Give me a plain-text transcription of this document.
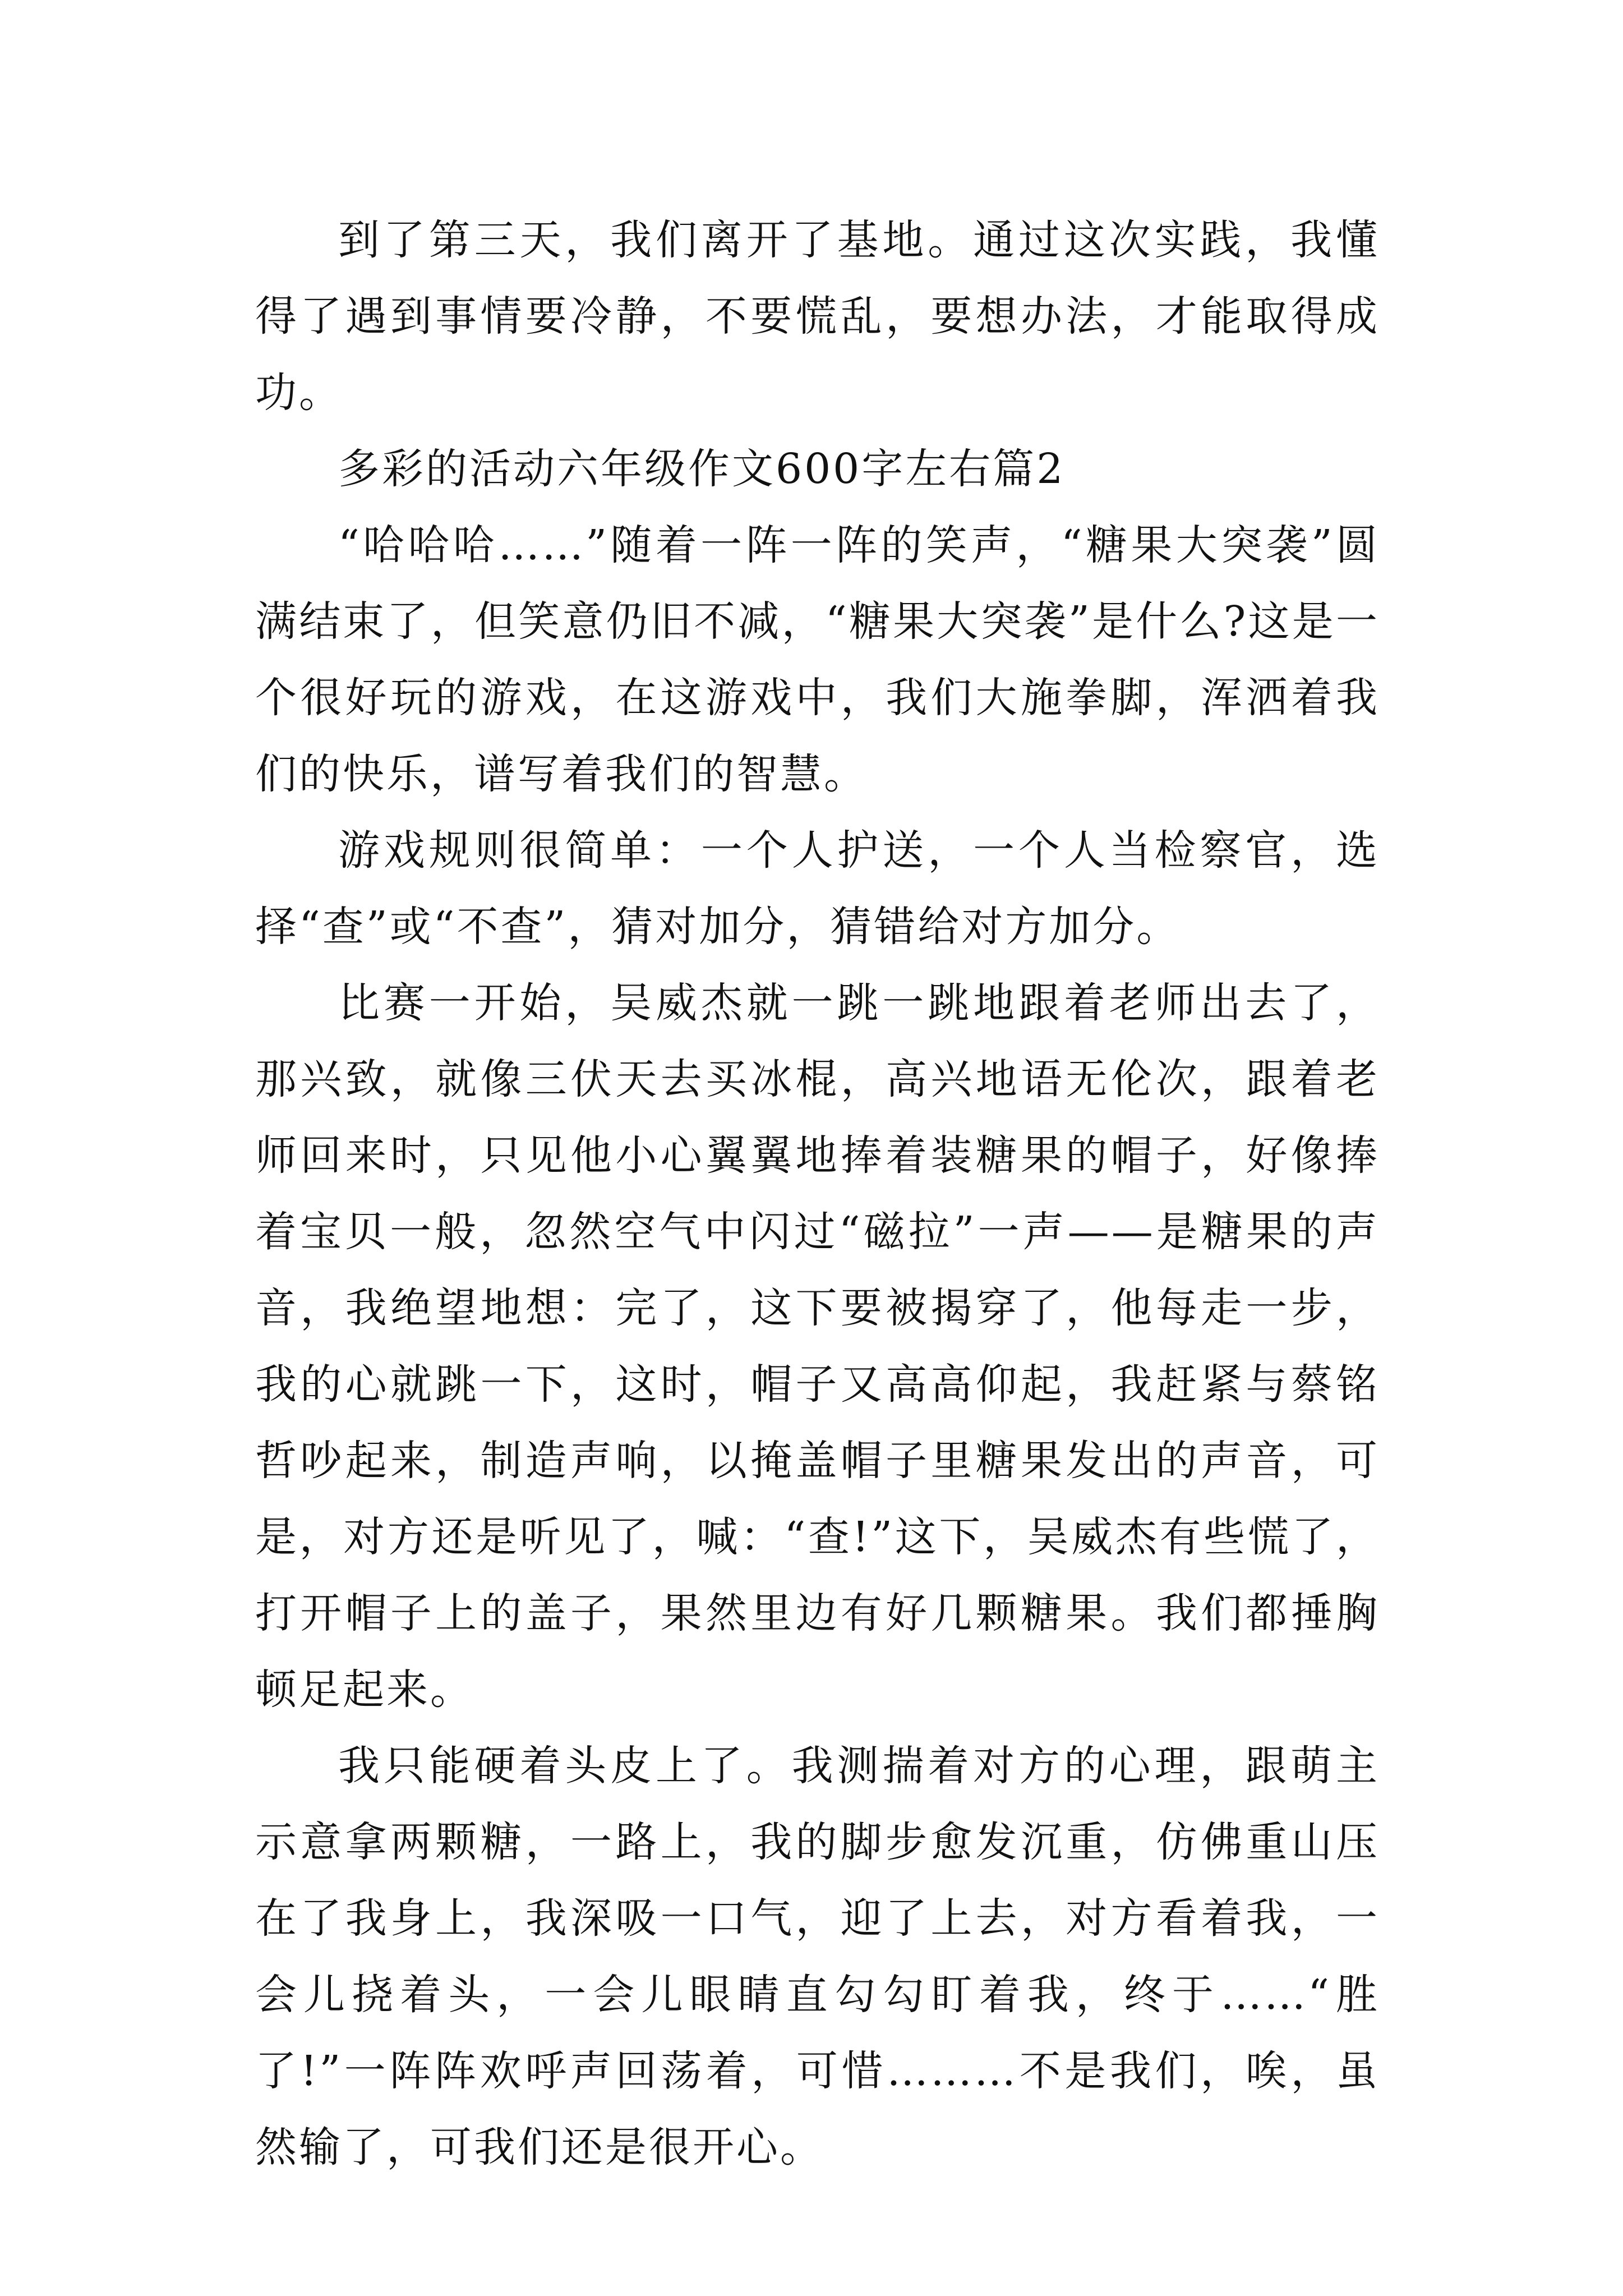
到了第三天，我们离开了基地。通过这次实践，我懂得了遇到事情要冷静，不要慌乱，要想办法，才能取得成功。

多彩的活动六年级作文600字左右篇2

“哈哈哈……”随着一阵一阵的笑声，“糖果大突袭”圆满结束了，但笑意仍旧不减，“糖果大突袭”是什么?这是一个很好玩的游戏，在这游戏中，我们大施拳脚，浑洒着我们的快乐，谱写着我们的智慧。

游戏规则很简单：一个人护送，一个人当检察官，选择“查”或“不查”，猜对加分，猜错给对方加分。

比赛一开始，吴威杰就一跳一跳地跟着老师出去了，那兴致，就像三伏天去买冰棍，高兴地语无伦次，跟着老师回来时，只见他小心翼翼地捧着装糖果的帽子，好像捧着宝贝一般，忽然空气中闪过“磁拉”一声——是糖果的声音，我绝望地想：完了，这下要被揭穿了，他每走一步，我的心就跳一下，这时，帽子又高高仰起，我赶紧与蔡铭哲吵起来，制造声响，以掩盖帽子里糖果发出的声音，可是，对方还是听见了，喊：“查!”这下，吴威杰有些慌了，打开帽子上的盖子，果然里边有好几颗糖果。我们都捶胸顿足起来。

我只能硬着头皮上了。我测揣着对方的心理，跟萌主示意拿两颗糖，一路上，我的脚步愈发沉重，仿佛重山压在了我身上，我深吸一口气，迎了上去，对方看着我，一会儿挠着头，一会儿眼睛直勾勾盯着我，终于……“胜了!”一阵阵欢呼声回荡着，可惜………不是我们，唉，虽然输了，可我们还是很开心。
